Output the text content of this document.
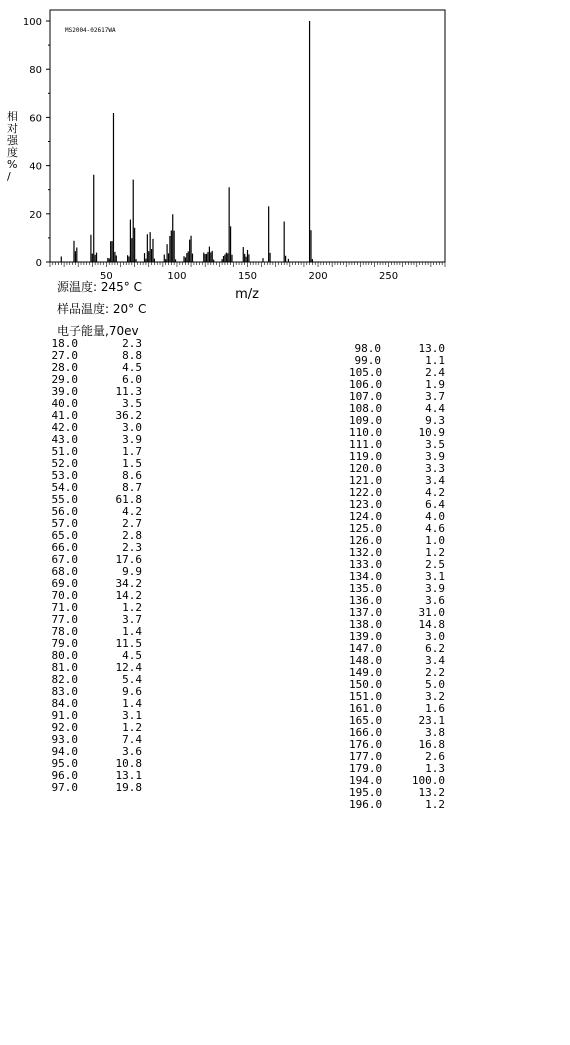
0
20
40
60
80
100
50	100	150	200	250
MS2004-02617WA
m/z
相对强度% /
源温度: 245° C
样品温度: 20° C
电子能量,70ev
18.0	2.3
27.0	8.8
28.0	4.5
29.0	6.0
39.0	11.3
40.0	3.5
41.0	36.2
42.0	3.0
43.0	3.9
51.0	1.7
52.0	1.5
53.0	8.6
54.0	8.7
55.0	61.8
56.0	4.2
57.0	2.7
65.0	2.8
66.0	2.3
67.0	17.6
68.0	9.9
69.0	34.2
70.0	14.2
71.0	1.2
77.0	3.7
78.0	1.4
79.0	11.5
80.0	4.5
81.0	12.4
82.0	5.4
83.0	9.6
84.0	1.4
91.0	3.1
92.0	1.2
93.0	7.4
94.0	3.6
95.0	10.8
96.0	13.1
97.0	19.8
98.0	13.0
99.0	1.1
105.0	2.4
106.0	1.9
107.0	3.7
108.0	4.4
109.0	9.3
110.0	10.9
111.0	3.5
119.0	3.9
120.0	3.3
121.0	3.4
122.0	4.2
123.0	6.4
124.0	4.0
125.0	4.6
126.0	1.0
132.0	1.2
133.0	2.5
134.0	3.1
135.0	3.9
136.0	3.6
137.0	31.0
138.0	14.8
139.0	3.0
147.0	6.2
148.0	3.4
149.0	2.2
150.0	5.0
151.0	3.2
161.0	1.6
165.0	23.1
166.0	3.8
176.0	16.8
177.0	2.6
179.0	1.3
194.0	100.0
195.0	13.2
196.0	1.2
